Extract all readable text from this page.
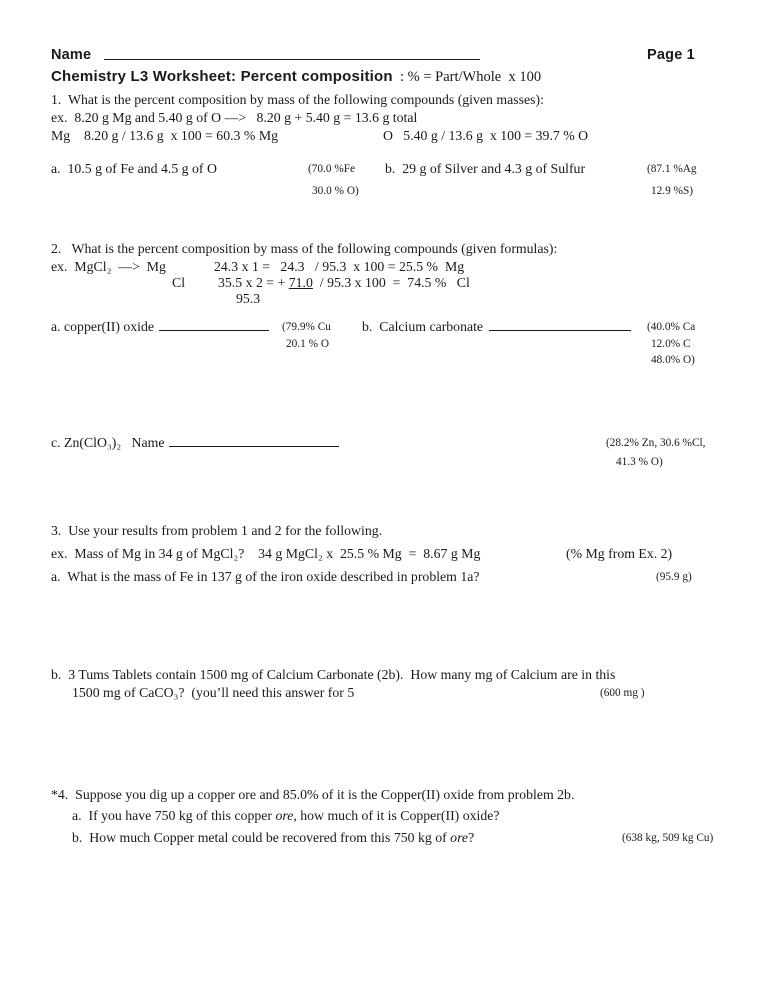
Name	Page 1
Chemistry L3 Worksheet: Percent composition  : % = Part/Whole  x 100
1.  What is the percent composition by mass of the following compounds (given masses):
ex.  8.20 g Mg and 5.40 g of O —>   8.20 g + 5.40 g = 13.6 g total
Mg    8.20 g / 13.6 g  x 100 = 60.3 % Mg	O   5.40 g / 13.6 g  x 100 = 39.7 % O
a.  10.5 g of Fe and 4.5 g of O	(70.0 %Fe b.  29 g of Silver and 4.3 g of Sulfur	(87.1 %Ag
30.0 % O)	12.9 %S)
2.   What is the percent composition by mass of the following compounds (given formulas):
ex.  MgCl₂  —>  Mg	24.3 x 1 =   24.3   / 95.3  x 100 = 25.5 %  Mg
Cl 35.5 x 2 = + 71.0  / 95.3 x 100  =  74.5 %   Cl
95.3
a. copper(II) oxide	(79.9% Cu b.  Calcium carbonate	(40.0% Ca
20.1 % O	12.0% C
48.0% O)
c. Zn(ClO₃)₂   Name	(28.2% Zn, 30.6 %Cl,
41.3 % O)
3.  Use your results from problem 1 and 2 for the following.
ex.  Mass of Mg in 34 g of MgCl₂?    34 g MgCl₂ x  25.5 % Mg  =  8.67 g Mg	(% Mg from Ex. 2)
a.  What is the mass of Fe in 137 g of the iron oxide described in problem 1a?	(95.9 g)
b.  3 Tums Tablets contain 1500 mg of Calcium Carbonate (2b).  How many mg of Calcium are in this
1500 mg of CaCO₃?  (you’ll need this answer for 5	(600 mg )
*4.  Suppose you dig up a copper ore and 85.0% of it is the Copper(II) oxide from problem 2b.
a.  If you have 750 kg of this copper ore, how much of it is Copper(II) oxide?
b.  How much Copper metal could be recovered from this 750 kg of ore?	(638 kg, 509 kg Cu)
